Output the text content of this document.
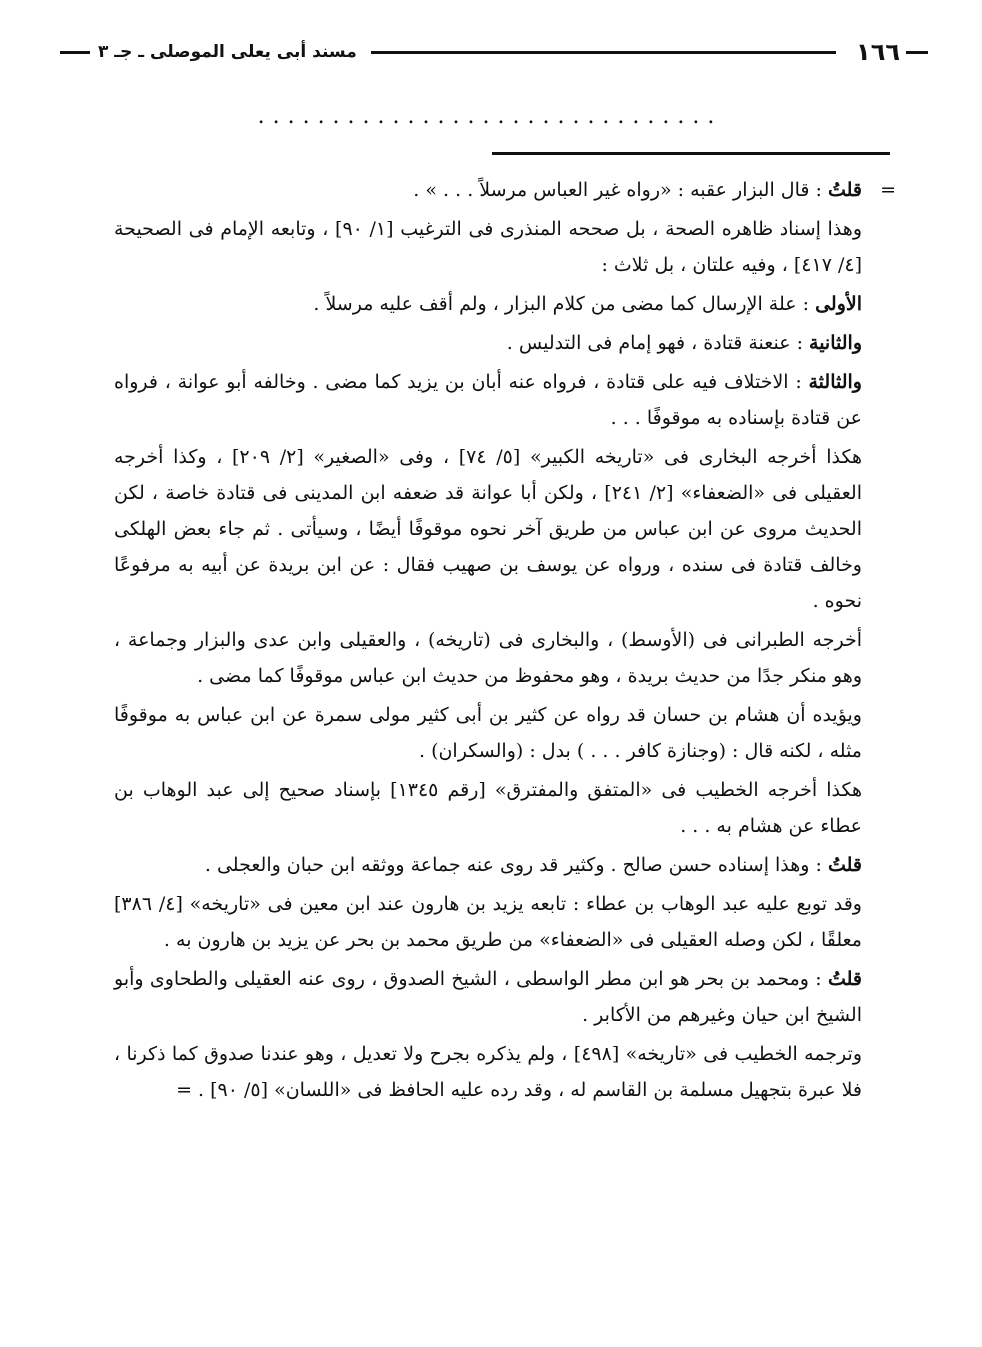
١٦٦
مسند أبى يعلى الموصلى ـ جـ ٣
...............................

=
قلتُ : قال البزار عقبه : «رواه غير العباس مرسلاً . . . » .

وهذا إسناد ظاهره الصحة ، بل صححه المنذرى فى الترغيب [١/ ٩٠] ، وتابعه الإمام فى الصحيحة [٤/ ٤١٧] ، وفيه علتان ، بل ثلاث :

الأولى : علة الإرسال كما مضى من كلام البزار ، ولم أقف عليه مرسلاً .

والثانية : عنعنة قتادة ، فهو إمام فى التدليس .

والثالثة : الاختلاف فيه على قتادة ، فرواه عنه أبان بن يزيد كما مضى . وخالفه أبو عوانة ، فرواه عن قتادة بإسناده به موقوفًا . . .

هكذا أخرجه البخارى فى «تاريخه الكبير» [٥/ ٧٤] ، وفى «الصغير» [٢/ ٢٠٩] ، وكذا أخرجه العقيلى فى «الضعفاء» [٢/ ٢٤١] ، ولكن أبا عوانة قد ضعفه ابن المدينى فى قتادة خاصة ، لكن الحديث مروى عن ابن عباس من طريق آخر نحوه موقوفًا أيضًا ، وسيأتى . ثم جاء بعض الهلكى وخالف قتادة فى سنده ، ورواه عن يوسف بن صهيب فقال : عن ابن بريدة عن أبيه به مرفوعًا نحوه .

أخرجه الطبرانى فى (الأوسط) ، والبخارى فى (تاريخه) ، والعقيلى وابن عدى والبزار وجماعة ، وهو منكر جدًا من حديث بريدة ، وهو محفوظ من حديث ابن عباس موقوفًا كما مضى .

ويؤيده أن هشام بن حسان قد رواه عن كثير بن أبى كثير مولى سمرة عن ابن عباس به موقوفًا مثله ، لكنه قال : (وجنازة كافر . . . ) بدل : (والسكران) .

هكذا أخرجه الخطيب فى «المتفق والمفترق» [رقم ١٣٤٥] بإسناد صحيح إلى عبد الوهاب بن عطاء عن هشام به . . .

قلتُ : وهذا إسناده حسن صالح . وكثير قد روى عنه جماعة ووثقه ابن حبان والعجلى .

وقد توبع عليه عبد الوهاب بن عطاء : تابعه يزيد بن هارون عند ابن معين فى «تاريخه» [٤/ ٣٨٦] معلقًا ، لكن وصله العقيلى فى «الضعفاء» من طريق محمد بن بحر عن يزيد بن هارون به .

قلتُ : ومحمد بن بحر هو ابن مطر الواسطى ، الشيخ الصدوق ، روى عنه العقيلى والطحاوى وأبو الشيخ ابن حيان وغيرهم من الأكابر .

وترجمه الخطيب فى «تاريخه» [٤٩٨] ، ولم يذكره بجرح ولا تعديل ، وهو عندنا صدوق كما ذكرنا ، فلا عبرة بتجهيل مسلمة بن القاسم له ، وقد رده عليه الحافظ فى «اللسان» [٥/ ٩٠] . =
